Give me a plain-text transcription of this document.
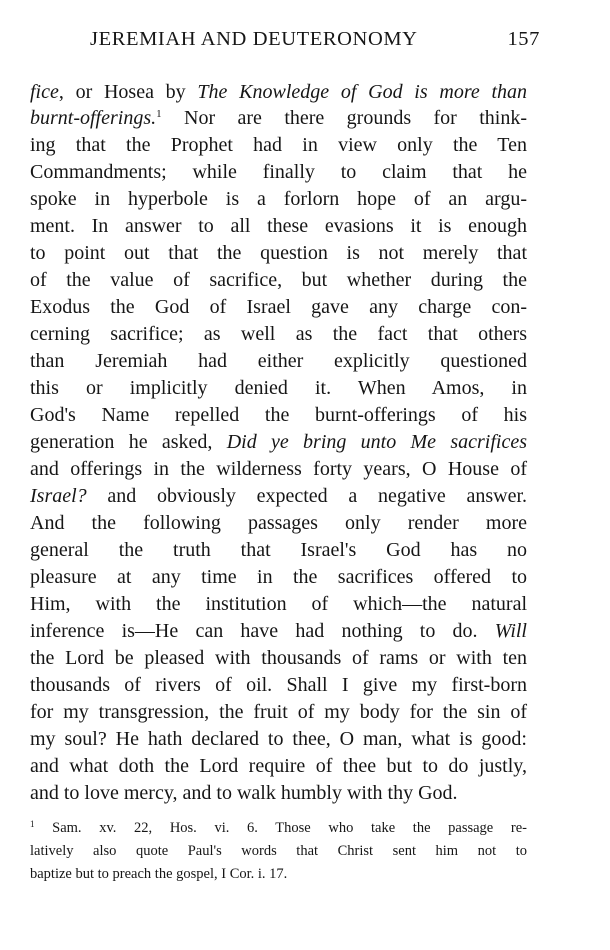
JEREMIAH AND DEUTERONOMY	157
fice, or Hosea by The Knowledge of God is more than
burnt-offerings.$^1$ Nor are there grounds for think-
ing that the Prophet had in view only the Ten
Commandments; while finally to claim that he
spoke in hyperbole is a forlorn hope of an argu-
ment. In answer to all these evasions it is enough
to point out that the question is not merely that
of the value of sacrifice, but whether during the
Exodus the God of Israel gave any charge con-
cerning sacrifice; as well as the fact that others
than Jeremiah had either explicitly questioned
this or implicitly denied it. When Amos, in
God's Name repelled the burnt-offerings of his
generation he asked, Did ye bring unto Me sacrifices
and offerings in the wilderness forty years, O House of
Israel? and obviously expected a negative answer.
And the following passages only render more
general the truth that Israel's God has no
pleasure at any time in the sacrifices offered to
Him, with the institution of which—the natural
inference is—He can have had nothing to do. Will
the Lord be pleased with thousands of rams or with ten
thousands of rivers of oil. Shall I give my first-born
for my transgression, the fruit of my body for the sin of
my soul? He hath declared to thee, O man, what is good:
and what doth the Lord require of thee but to do justly,
and to love mercy, and to walk humbly with thy God.
$^1$ Sam. xv. 22, Hos. vi. 6. Those who take the passage re-
latively also quote Paul's words that Christ sent him not to
baptize but to preach the gospel, I Cor. i. 17.
